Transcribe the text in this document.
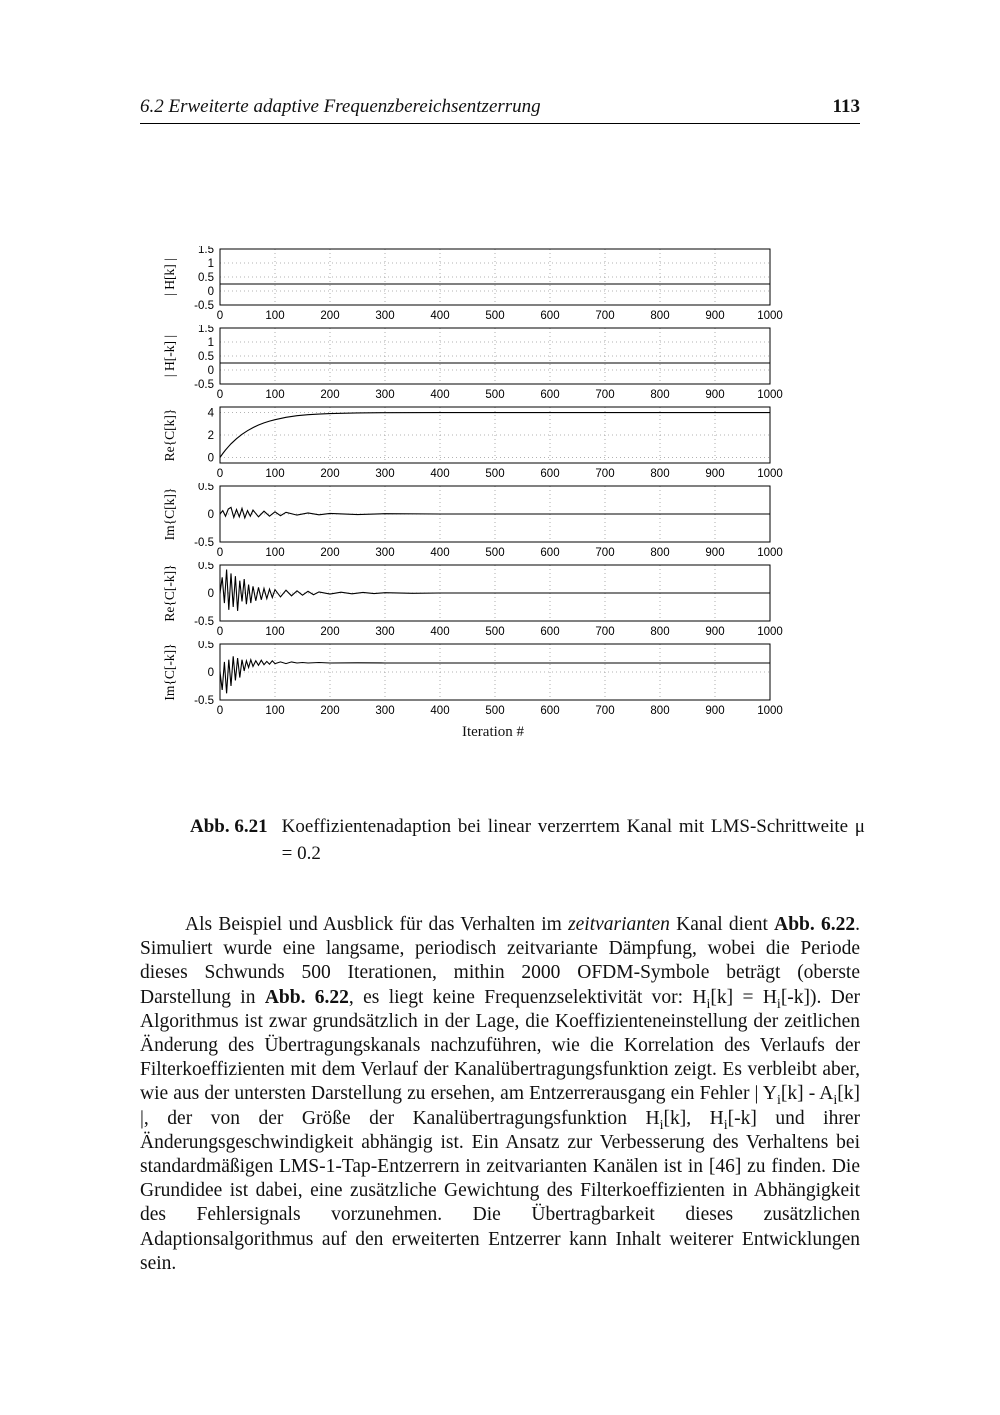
6.2 Erweiterte adaptive Frequenzbereichsentzerrung	113
-0.5
0
0.5
1
1.5
0	100	200	300	400	500	600	700	800	900	1000
| H[k] |
-0.5
0
0.5
1
1.5
0	100	200	300	400	500	600	700	800	900	1000
| H[-k] |
0
2
4
0	100	200	300	400	500	600	700	800	900	1000
Re{C[k]}
-0.5
0
0.5
0	100	200	300	400	500	600	700	800	900	1000
Im{C[k]}
-0.5
0
0.5
0	100	200	300	400	500	600	700	800	900	1000
Re{C[-k]}
-0.5
0
0.5
0	100	200	300	400	500	600	700	800	900	1000
Im{C[-k]}
Iteration #
Abb. 6.21 Koeffizientenadaption bei linear verzerrtem Kanal mit LMS-Schrittweite μ = 0.2

Als Beispiel und Ausblick für das Verhalten im zeitvarianten Kanal dient Abb. 6.22. Simuliert wurde eine langsame, periodisch zeitvariante Dämpfung, wobei die Periode dieses Schwunds 500 Iterationen, mithin 2000 OFDM-Symbole beträgt (oberste Darstellung in Abb. 6.22, es liegt keine Frequenzselektivität vor: $H_i[k] = H_i[-k]$). Der Algorithmus ist zwar grundsätzlich in der Lage, die Koeffizienteneinstellung der zeitlichen Änderung des Übertragungskanals nachzuführen, wie die Korrelation des Verlaufs der Filterkoeffizienten mit dem Verlauf der Kanalübertragungsfunktion zeigt. Es verbleibt aber, wie aus der untersten Darstellung zu ersehen, am Entzerrerausgang ein Fehler | $Y_i[k] - A_i[k]$ |, der von der Größe der Kanalübertragungsfunktion $H_i[k]$, $H_i[-k]$ und ihrer Änderungsgeschwindigkeit abhängig ist. Ein Ansatz zur Verbesserung des Verhaltens bei standardmäßigen LMS-1-Tap-Entzerrern in zeitvarianten Kanälen ist in [46] zu finden. Die Grundidee ist dabei, eine zusätzliche Gewichtung des Filterkoeffizienten in Abhängigkeit des Fehlersignals vorzunehmen. Die Übertragbarkeit dieses zusätzlichen Adaptionsalgorithmus auf den erweiterten Entzerrer kann Inhalt weiterer Entwicklungen sein.
